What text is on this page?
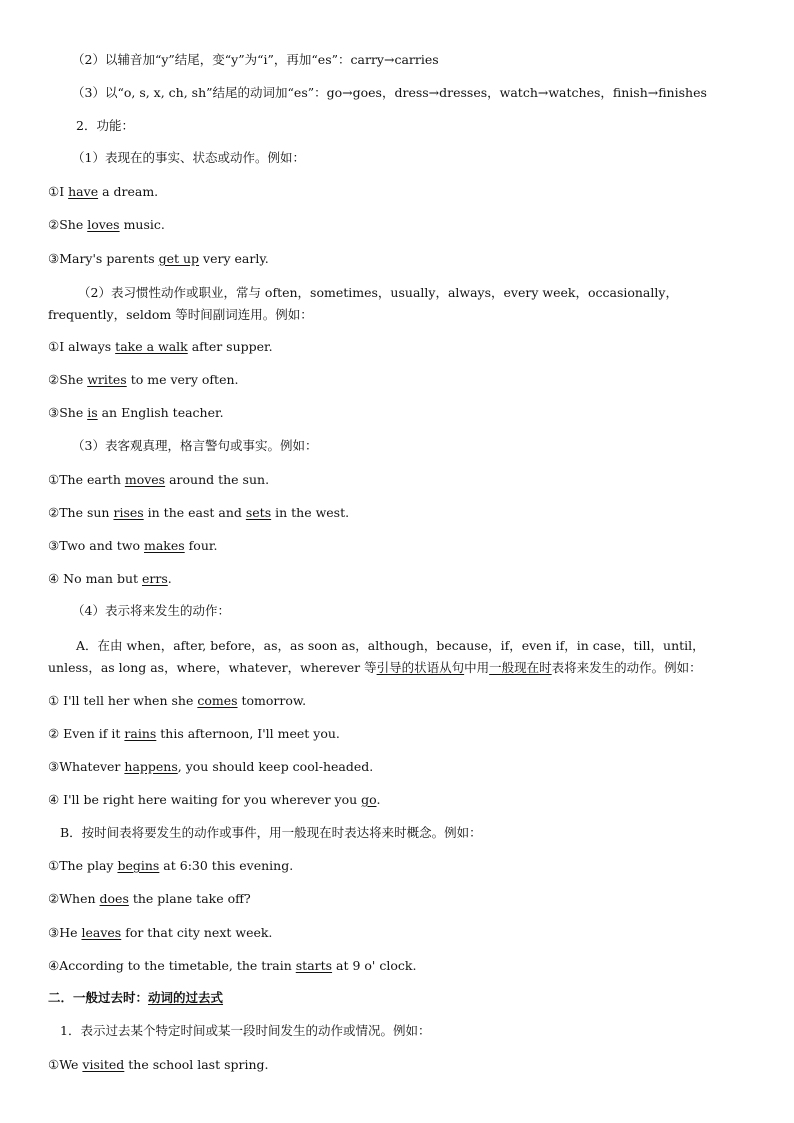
（2）以辅音加“y”结尾，变“y”为“i”，再加“es”：carry→carries
（3）以“o, s, x, ch, sh”结尾的动词加“es”：go→goes，dress→dresses，watch→watches，finish→finishes
2．功能：
（1）表现在的事实、状态或动作。例如：
①I have a dream.
②She loves music.
③Mary's parents get up very early.
（2）表习惯性动作或职业，常与 often，sometimes，usually，always，every week，occasionally，frequently，seldom 等时间副词连用。例如：
①I always take a walk after supper.
②She writes to me very often.
③She is an English teacher.
（3）表客观真理，格言警句或事实。例如：
①The earth moves around the sun.
②The sun rises in the east and sets in the west.
③Two and two makes four.
④ No man but errs.
（4）表示将来发生的动作：
A．在由 when，after, before，as，as soon as，although，because，if，even if，in case，till，until，unless，as long as，where，whatever，wherever 等引导的状语从句中用一般现在时表将来发生的动作。例如：
① I'll tell her when she comes tomorrow.
② Even if it rains this afternoon, I'll meet you.
③Whatever happens, you should keep cool-headed.
④ I'll be right here waiting for you wherever you go.
B．按时间表将要发生的动作或事件，用一般现在时表达将来时概念。例如：
①The play begins at 6:30 this evening.
②When does the plane take off?
③He leaves for that city next week.
④According to the timetable, the train starts at 9 o' clock.
二．一般过去时：动词的过去式
1．表示过去某个特定时间或某一段时间发生的动作或情况。例如：
①We visited the school last spring.
